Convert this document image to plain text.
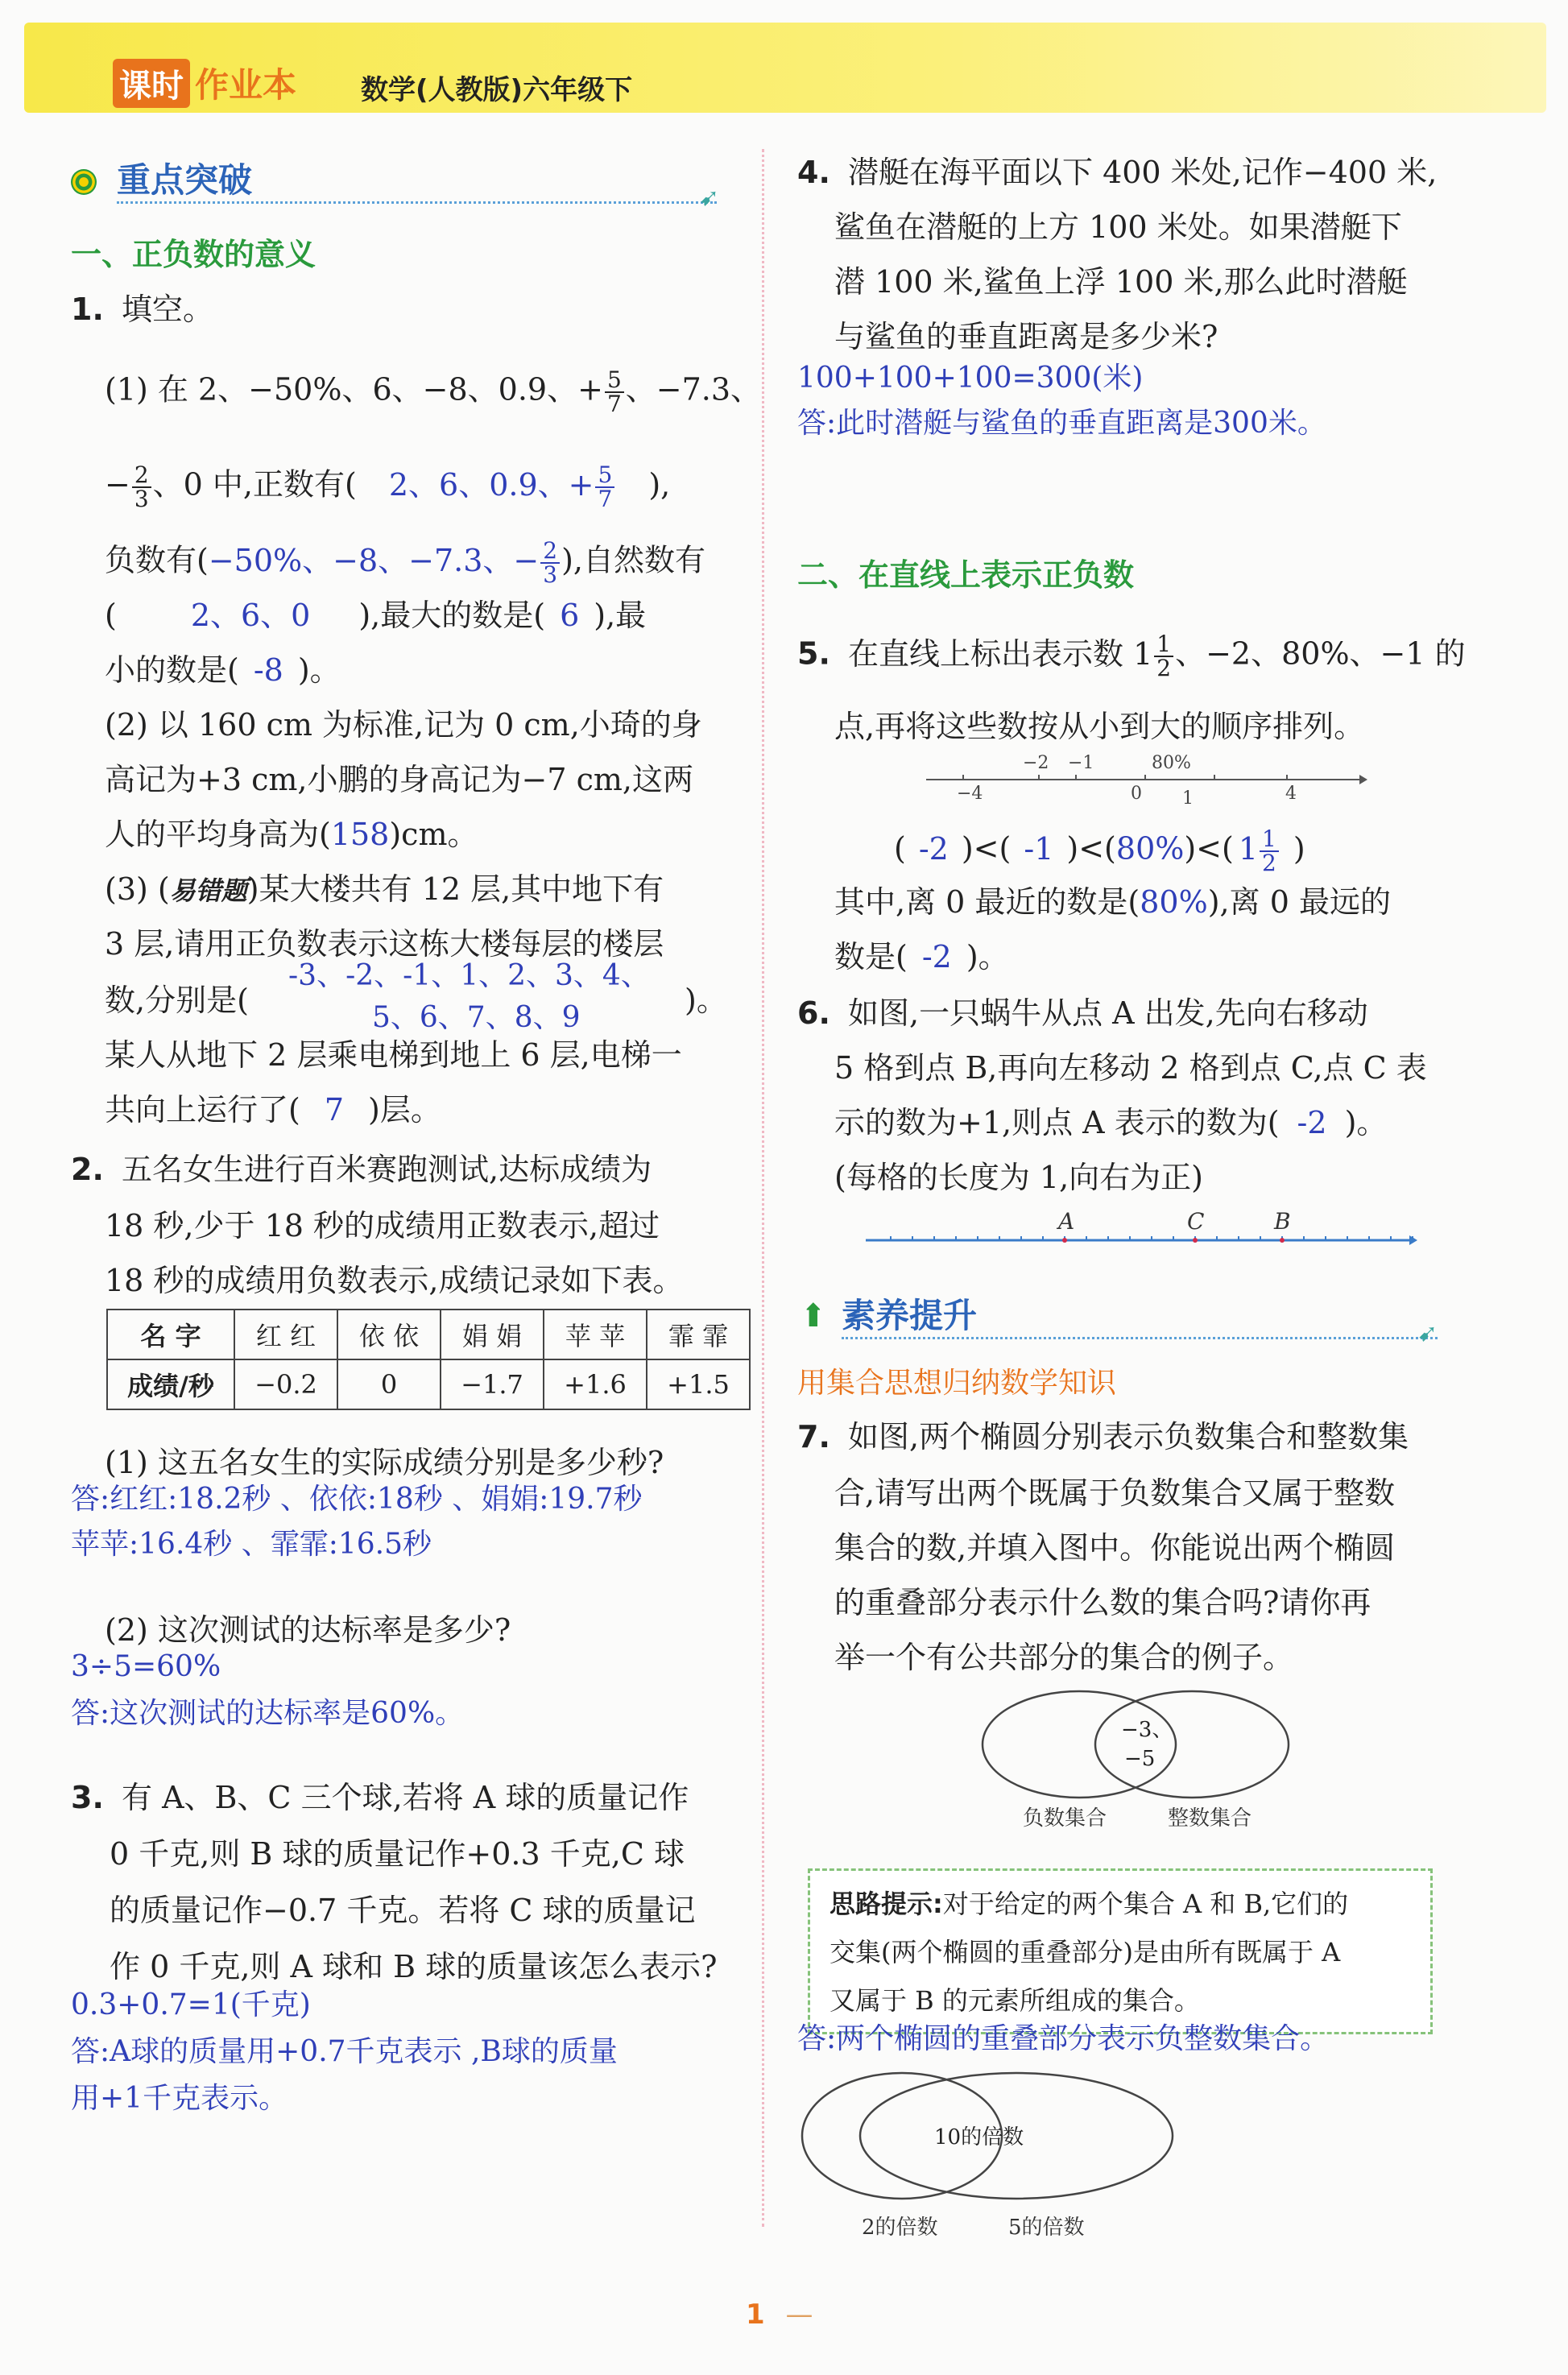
课时 作业本 数学(人教版)六年级下
重点突破	➹
一、正负数的意义
1. 填空。
(1) 在 2、−50%、6、−8、0.9、+ $\frac{5}{7}$ 、−7.3、
− $\frac{2}{3}$ 、0 中,正数有( 2、6、0.9、+ $\frac{5}{7}$ ),
负数有(−50%、−8、−7.3、− $\frac{2}{3}$ ),自然数有
( 2、6、0 ),最大的数是( 6 ),最
小的数是( -8 )。
(2) 以 160 cm 为标准,记为 0 cm,小琦的身
高记为+3 cm,小鹏的身高记为−7 cm,这两
人的平均身高为(158)cm。
(3) (易错题)某大楼共有 12 层,其中地下有
3 层,请用正负数表示这栋大楼每层的楼层
-3、-2、-1、1、2、3、4、
数,分别是(	)。
5、6、7、8、9
某人从地下 2 层乘电梯到地上 6 层,电梯一
共向上运行了( 7 )层。
2. 五名女生进行百米赛跑测试,达标成绩为
18 秒,少于 18 秒的成绩用正数表示,超过
18 秒的成绩用负数表示,成绩记录如下表。
名 字	红 红	依 依	娟 娟	苹 苹	霏 霏
成绩/秒	−0.2	0	−1.7	+1.6	+1.5
(1) 这五名女生的实际成绩分别是多少秒?
答:红红:18.2秒 、依依:18秒 、娟娟:19.7秒
苹苹:16.4秒 、霏霏:16.5秒
(2) 这次测试的达标率是多少?
3÷5=60%
答:这次测试的达标率是60%。
3. 有 A、B、C 三个球,若将 A 球的质量记作
0 千克,则 B 球的质量记作+0.3 千克,C 球
的质量记作−0.7 千克。若将 C 球的质量记
作 0 千克,则 A 球和 B 球的质量该怎么表示?
0.3+0.7=1(千克)
答:A球的质量用+0.7千克表示 ,B球的质量
用+1千克表示。
4. 潜艇在海平面以下 400 米处,记作−400 米,
鲨鱼在潜艇的上方 100 米处。如果潜艇下
潜 100 米,鲨鱼上浮 100 米,那么此时潜艇
与鲨鱼的垂直距离是多少米?
100+100+100=300(米)
答:此时潜艇与鲨鱼的垂直距离是300米。
二、在直线上表示正负数
5. 在直线上标出表示数 $1 \frac{1}{2}$ 、−2、80%、−1 的
点,再将这些数按从小到大的顺序排列。
−4	0	4
−2 −1	80%
1
( -2 )<( -1 )<(80%)<( $1 \frac{1}{2}$ )
其中,离 0 最近的数是(80%),离 0 最远的
数是( -2 )。
6. 如图,一只蜗牛从点 A 出发,先向右移动
5 格到点 B,再向左移动 2 格到点 C,点 C 表
示的数为+1,则点 A 表示的数为( -2 )。
(每格的长度为 1,向右为正)
A	C	B
⬆ 素养提升	➹
用集合思想归纳数学知识
7. 如图,两个椭圆分别表示负数集合和整数集
合,请写出两个既属于负数集合又属于整数
集合的数,并填入图中。你能说出两个椭圆
的重叠部分表示什么数的集合吗?请你再
举一个有公共部分的集合的例子。
−3、
−5
负数集合	整数集合
思路提示:对于给定的两个集合 A 和 B,它们的
交集(两个椭圆的重叠部分)是由所有既属于 A
又属于 B 的元素所组成的集合。
答:两个椭圆的重叠部分表示负整数集合。
10的倍数
2的倍数	5的倍数
1 —
